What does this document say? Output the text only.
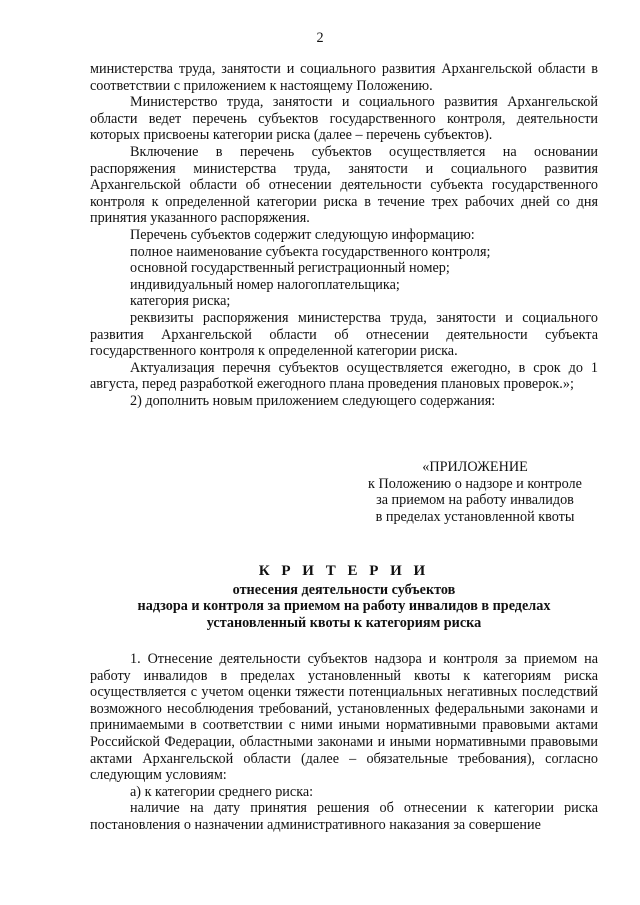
2

министерства труда, занятости и социального развития Архангельской области в соответствии с приложением к настоящему Положению.

Министерство труда, занятости и социального развития Архангельской области ведет перечень субъектов государственного контроля, деятельности которых присвоены категории риска (далее – перечень субъектов).

Включение в перечень субъектов осуществляется на основании распоряжения министерства труда, занятости и социального развития Архангельской области об отнесении деятельности субъекта государственного контроля к определенной категории риска в течение трех рабочих дней со дня принятия указанного распоряжения.

Перечень субъектов содержит следующую информацию:

полное наименование субъекта государственного контроля;

основной государственный регистрационный номер;

индивидуальный номер налогоплательщика;

категория риска;

реквизиты распоряжения министерства труда, занятости и социального развития Архангельской области об отнесении деятельности субъекта государственного контроля к определенной категории риска.

Актуализация перечня субъектов осуществляется ежегодно, в срок до 1 августа, перед разработкой ежегодного плана проведения плановых проверок.»;

2) дополнить новым приложением следующего содержания:

«ПРИЛОЖЕНИЕ
к Положению о надзоре и контроле
за приемом на работу инвалидов
в пределах установленной квоты
К Р И Т Е Р И И
отнесения деятельности субъектов
надзора и контроля за приемом на работу инвалидов в пределах
установленный квоты к категориям риска

1. Отнесение деятельности субъектов надзора и контроля за приемом на работу инвалидов в пределах установленный квоты к категориям риска осуществляется с учетом оценки тяжести потенциальных негативных последствий возможного несоблюдения требований, установленных федеральными законами и принимаемыми в соответствии с ними иными нормативными правовыми актами Российской Федерации, областными законами и иными нормативными правовыми актами Архангельской области (далее – обязательные требования), согласно следующим условиям:

а) к категории среднего риска:

наличие на дату принятия решения об отнесении к категории риска постановления о назначении административного наказания за совершение
